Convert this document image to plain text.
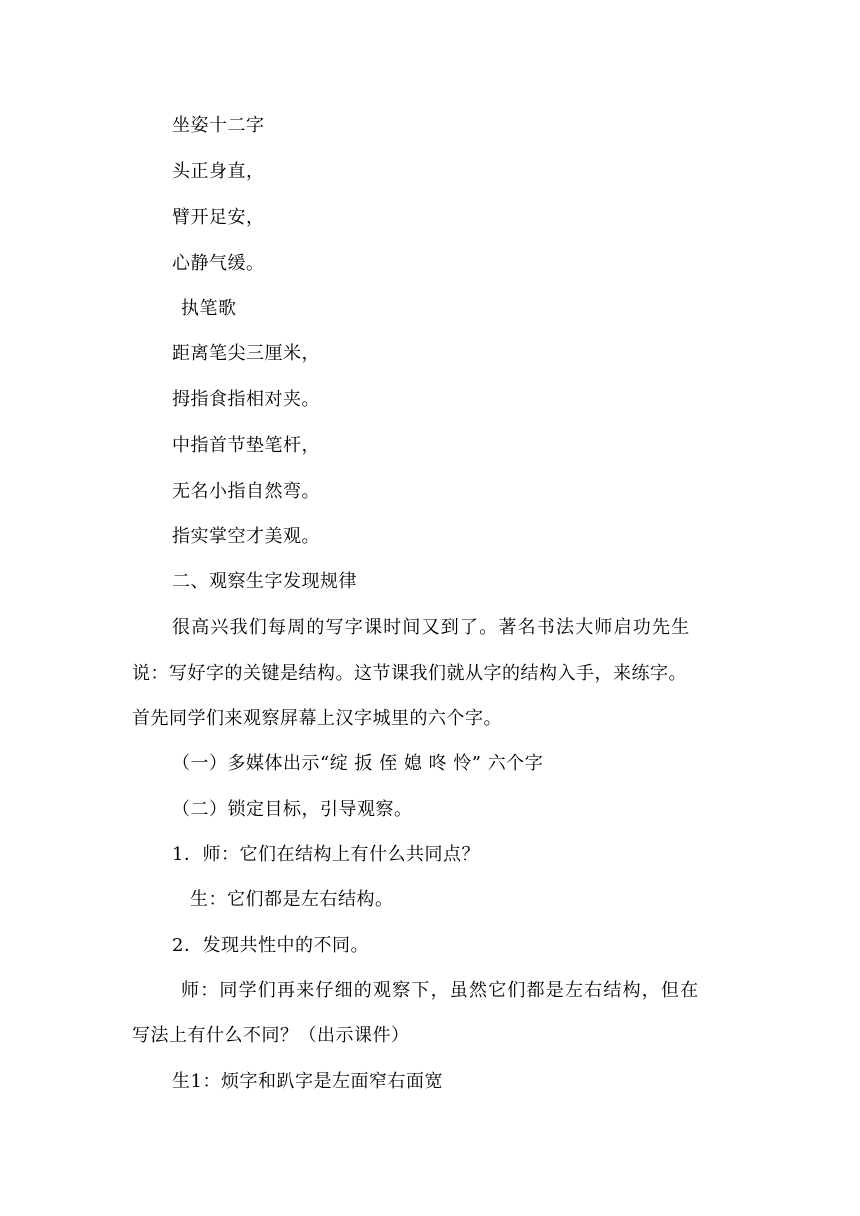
坐姿十二字
头正身直，
臂开足安，
心静气缓。
执笔歌
距离笔尖三厘米，
拇指食指相对夹。
中指首节垫笔杆，
无名小指自然弯。
指实掌空才美观。
二、观察生字发现规律
很高兴我们每周的写字课时间又到了。著名书法大师启功先生
说：写好字的关键是结构。这节课我们就从字的结构入手，来练字。
首先同学们来观察屏幕上汉字城里的六个字。
（一）多媒体出示“绽 扳 侄 媳 咚 怜” 六个字
（二）锁定目标，引导观察。
1．师：它们在结构上有什么共同点？
生：它们都是左右结构。
2．发现共性中的不同。
师：同学们再来仔细的观察下，虽然它们都是左右结构，但在
写法上有什么不同？（出示课件）
生1：烦字和趴字是左面窄右面宽
